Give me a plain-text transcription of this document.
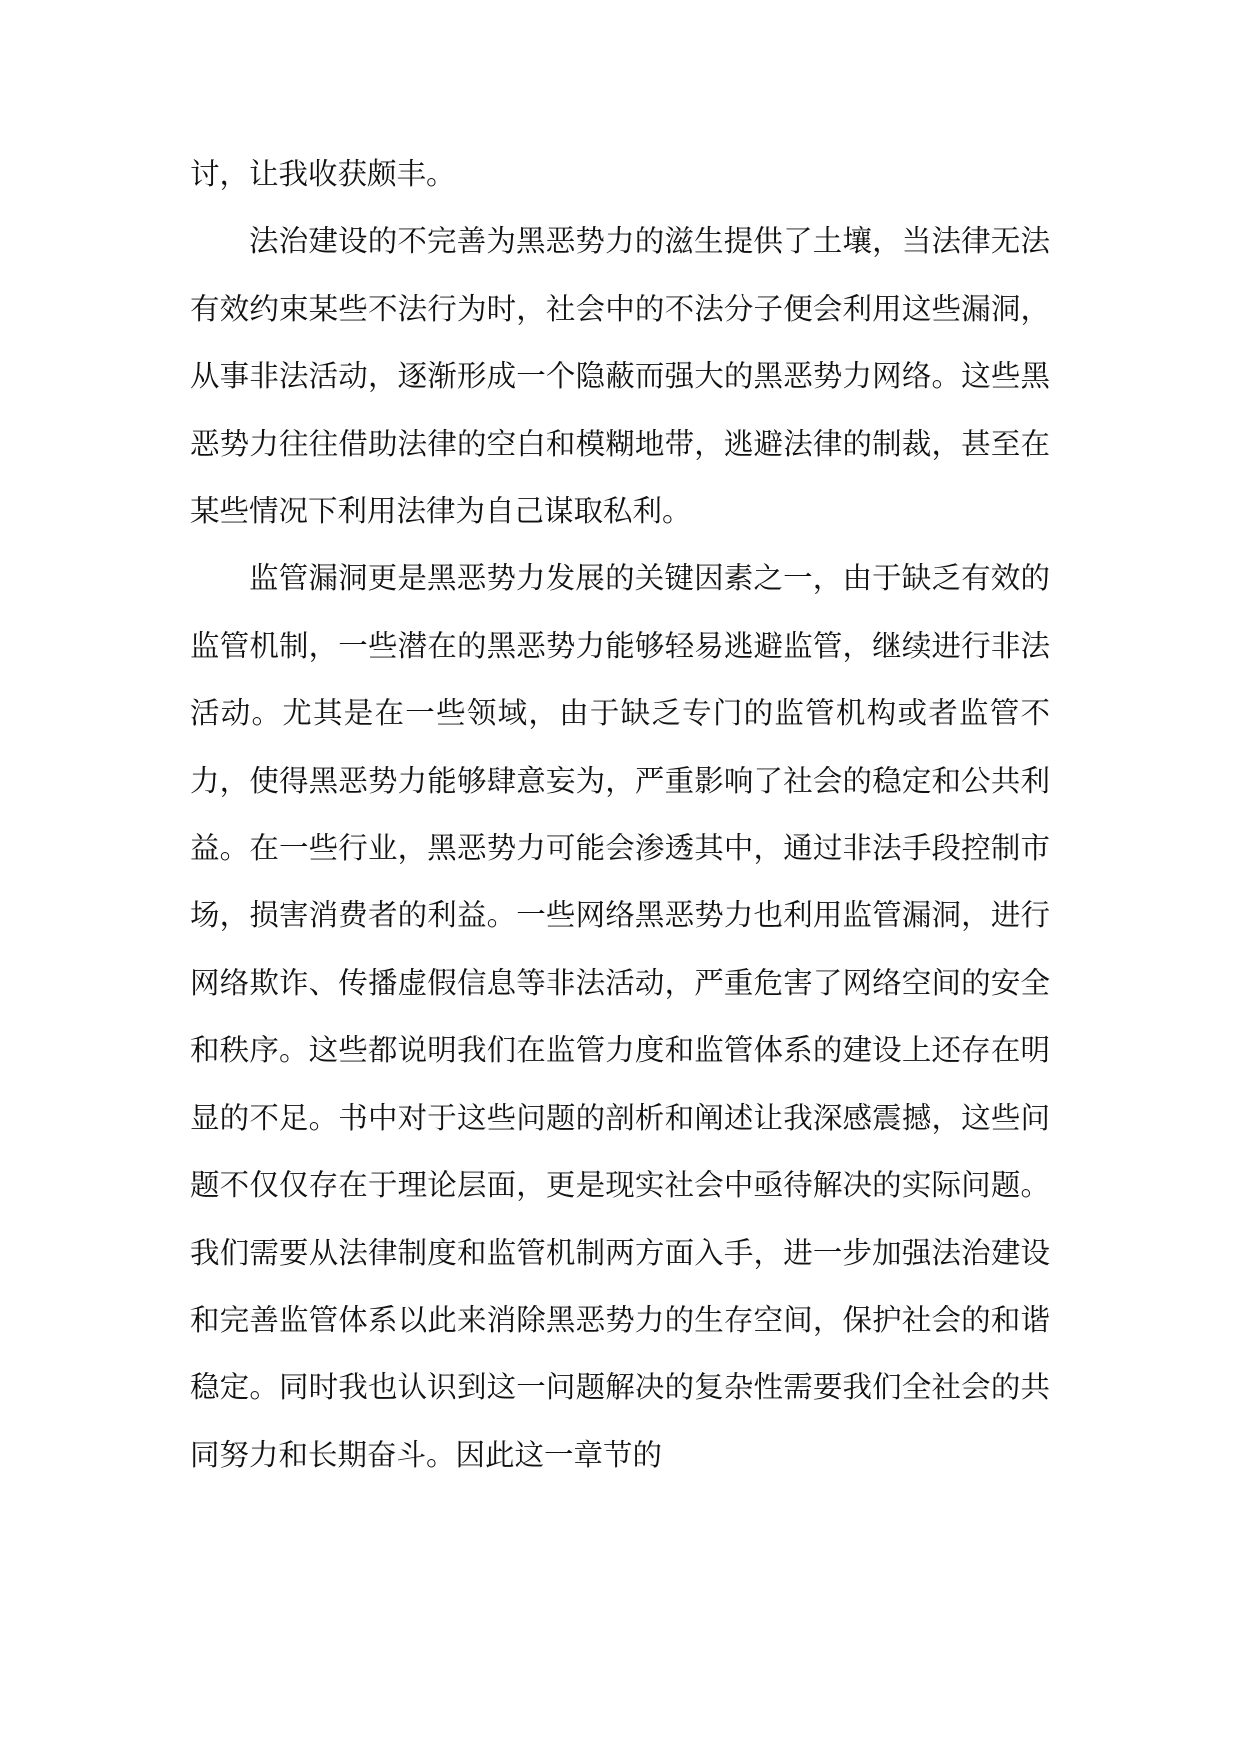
讨，让我收获颇丰。

法治建设的不完善为黑恶势力的滋生提供了土壤，当法律无法有效约束某些不法行为时，社会中的不法分子便会利用这些漏洞，从事非法活动，逐渐形成一个隐蔽而强大的黑恶势力网络。这些黑恶势力往往借助法律的空白和模糊地带，逃避法律的制裁，甚至在某些情况下利用法律为自己谋取私利。

监管漏洞更是黑恶势力发展的关键因素之一，由于缺乏有效的监管机制，一些潜在的黑恶势力能够轻易逃避监管，继续进行非法活动。尤其是在一些领域，由于缺乏专门的监管机构或者监管不力，使得黑恶势力能够肆意妄为，严重影响了社会的稳定和公共利益。在一些行业，黑恶势力可能会渗透其中，通过非法手段控制市场，损害消费者的利益。一些网络黑恶势力也利用监管漏洞，进行网络欺诈、传播虚假信息等非法活动，严重危害了网络空间的安全和秩序。这些都说明我们在监管力度和监管体系的建设上还存在明显的不足。书中对于这些问题的剖析和阐述让我深感震撼，这些问题不仅仅存在于理论层面，更是现实社会中亟待解决的实际问题。我们需要从法律制度和监管机制两方面入手，进一步加强法治建设和完善监管体系以此来消除黑恶势力的生存空间，保护社会的和谐稳定。同时我也认识到这一问题解决的复杂性需要我们全社会的共同努力和长期奋斗。因此这一章节的
